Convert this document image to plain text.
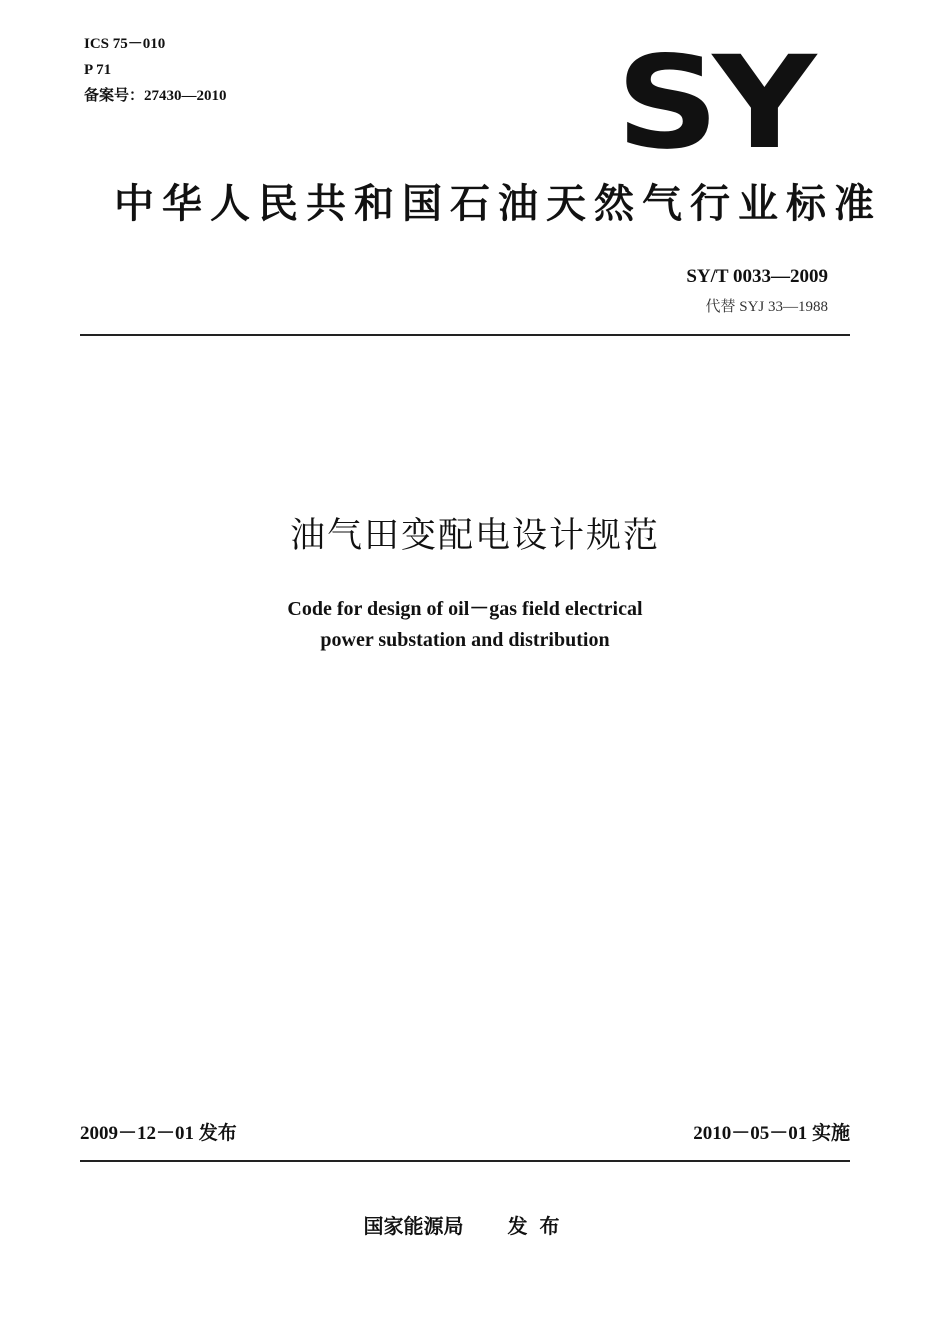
ICS 75－010
P 71
备案号：27430—2010	SY
中华人民共和国石油天然气行业标准
SY/T 0033—2009
代替 SYJ 33—1988
油气田变配电设计规范
Code for design of oil－gas field electrical
power substation and distribution
2009－12－01 发布	2010－05－01 实施
国家能源局 发布
